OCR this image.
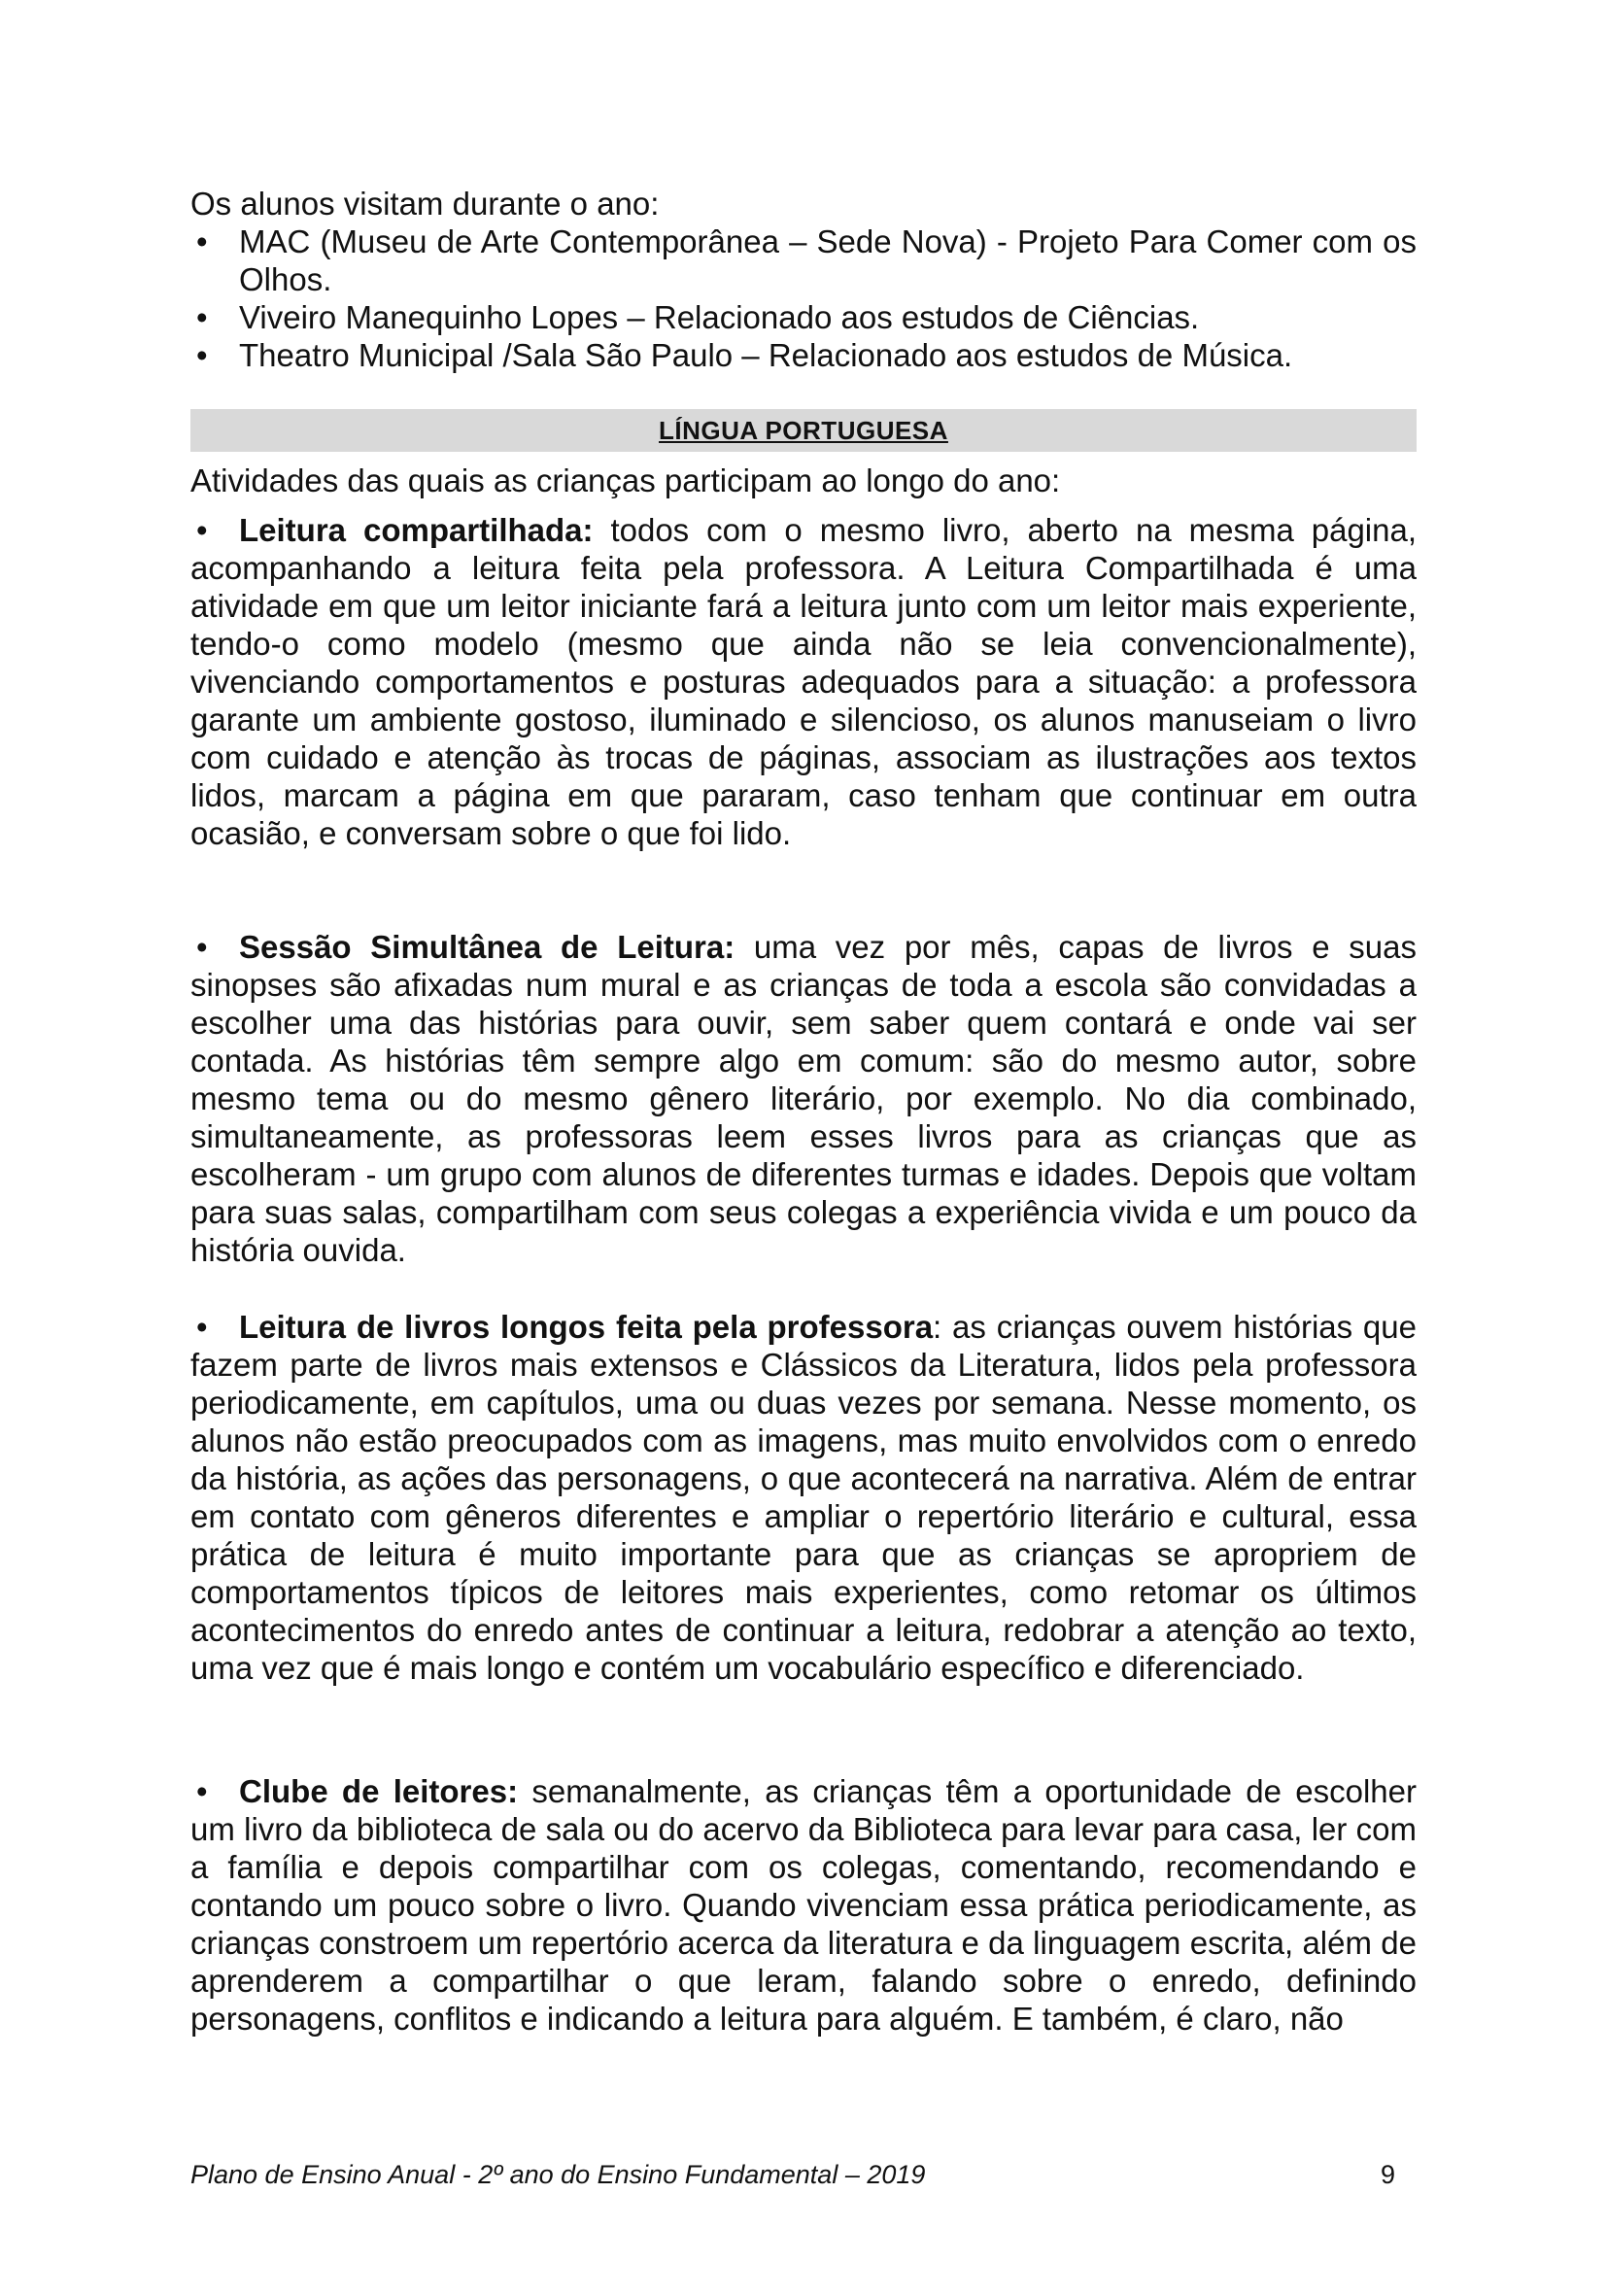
Os alunos visitam durante o ano:

• MAC (Museu de Arte Contemporânea – Sede Nova) - Projeto Para Comer com os Olhos.
• Viveiro Manequinho Lopes – Relacionado aos estudos de Ciências.
• Theatro Municipal /Sala São Paulo – Relacionado aos estudos de Música.
LÍNGUA PORTUGUESA

Atividades das quais as crianças participam ao longo do ano:

• Leitura compartilhada: todos com o mesmo livro, aberto na mesma página, acompanhando a leitura feita pela professora. A Leitura Compartilhada é uma atividade em que um leitor iniciante fará a leitura junto com um leitor mais experiente, tendo-o como modelo (mesmo que ainda não se leia convencionalmente), vivenciando comportamentos e posturas adequados para a situação: a professora garante um ambiente gostoso, iluminado e silencioso, os alunos manuseiam o livro com cuidado e atenção às trocas de páginas, associam as ilustrações aos textos lidos, marcam a página em que pararam, caso tenham que continuar em outra ocasião, e conversam sobre o que foi lido.

• Sessão Simultânea de Leitura: uma vez por mês, capas de livros e suas sinopses são afixadas num mural e as crianças de toda a escola são convidadas a escolher uma das histórias para ouvir, sem saber quem contará e onde vai ser contada. As histórias têm sempre algo em comum: são do mesmo autor, sobre mesmo tema ou do mesmo gênero literário, por exemplo. No dia combinado, simultaneamente, as professoras leem esses livros para as crianças que as escolheram - um grupo com alunos de diferentes turmas e idades. Depois que voltam para suas salas, compartilham com seus colegas a experiência vivida e um pouco da história ouvida.

• Leitura de livros longos feita pela professora: as crianças ouvem histórias que fazem parte de livros mais extensos e Clássicos da Literatura, lidos pela professora periodicamente, em capítulos, uma ou duas vezes por semana. Nesse momento, os alunos não estão preocupados com as imagens, mas muito envolvidos com o enredo da história, as ações das personagens, o que acontecerá na narrativa. Além de entrar em contato com gêneros diferentes e ampliar o repertório literário e cultural, essa prática de leitura é muito importante para que as crianças se apropriem de comportamentos típicos de leitores mais experientes, como retomar os últimos acontecimentos do enredo antes de continuar a leitura, redobrar a atenção ao texto, uma vez que é mais longo e contém um vocabulário específico e diferenciado.

• Clube de leitores: semanalmente, as crianças têm a oportunidade de escolher um livro da biblioteca de sala ou do acervo da Biblioteca para levar para casa, ler com a família e depois compartilhar com os colegas, comentando, recomendando e contando um pouco sobre o livro. Quando vivenciam essa prática periodicamente, as crianças constroem um repertório acerca da literatura e da linguagem escrita, além de aprenderem a compartilhar o que leram, falando sobre o enredo, definindo personagens, conflitos e indicando a leitura para alguém. E também, é claro, não

Plano de Ensino Anual - 2º ano do Ensino Fundamental – 2019	9
